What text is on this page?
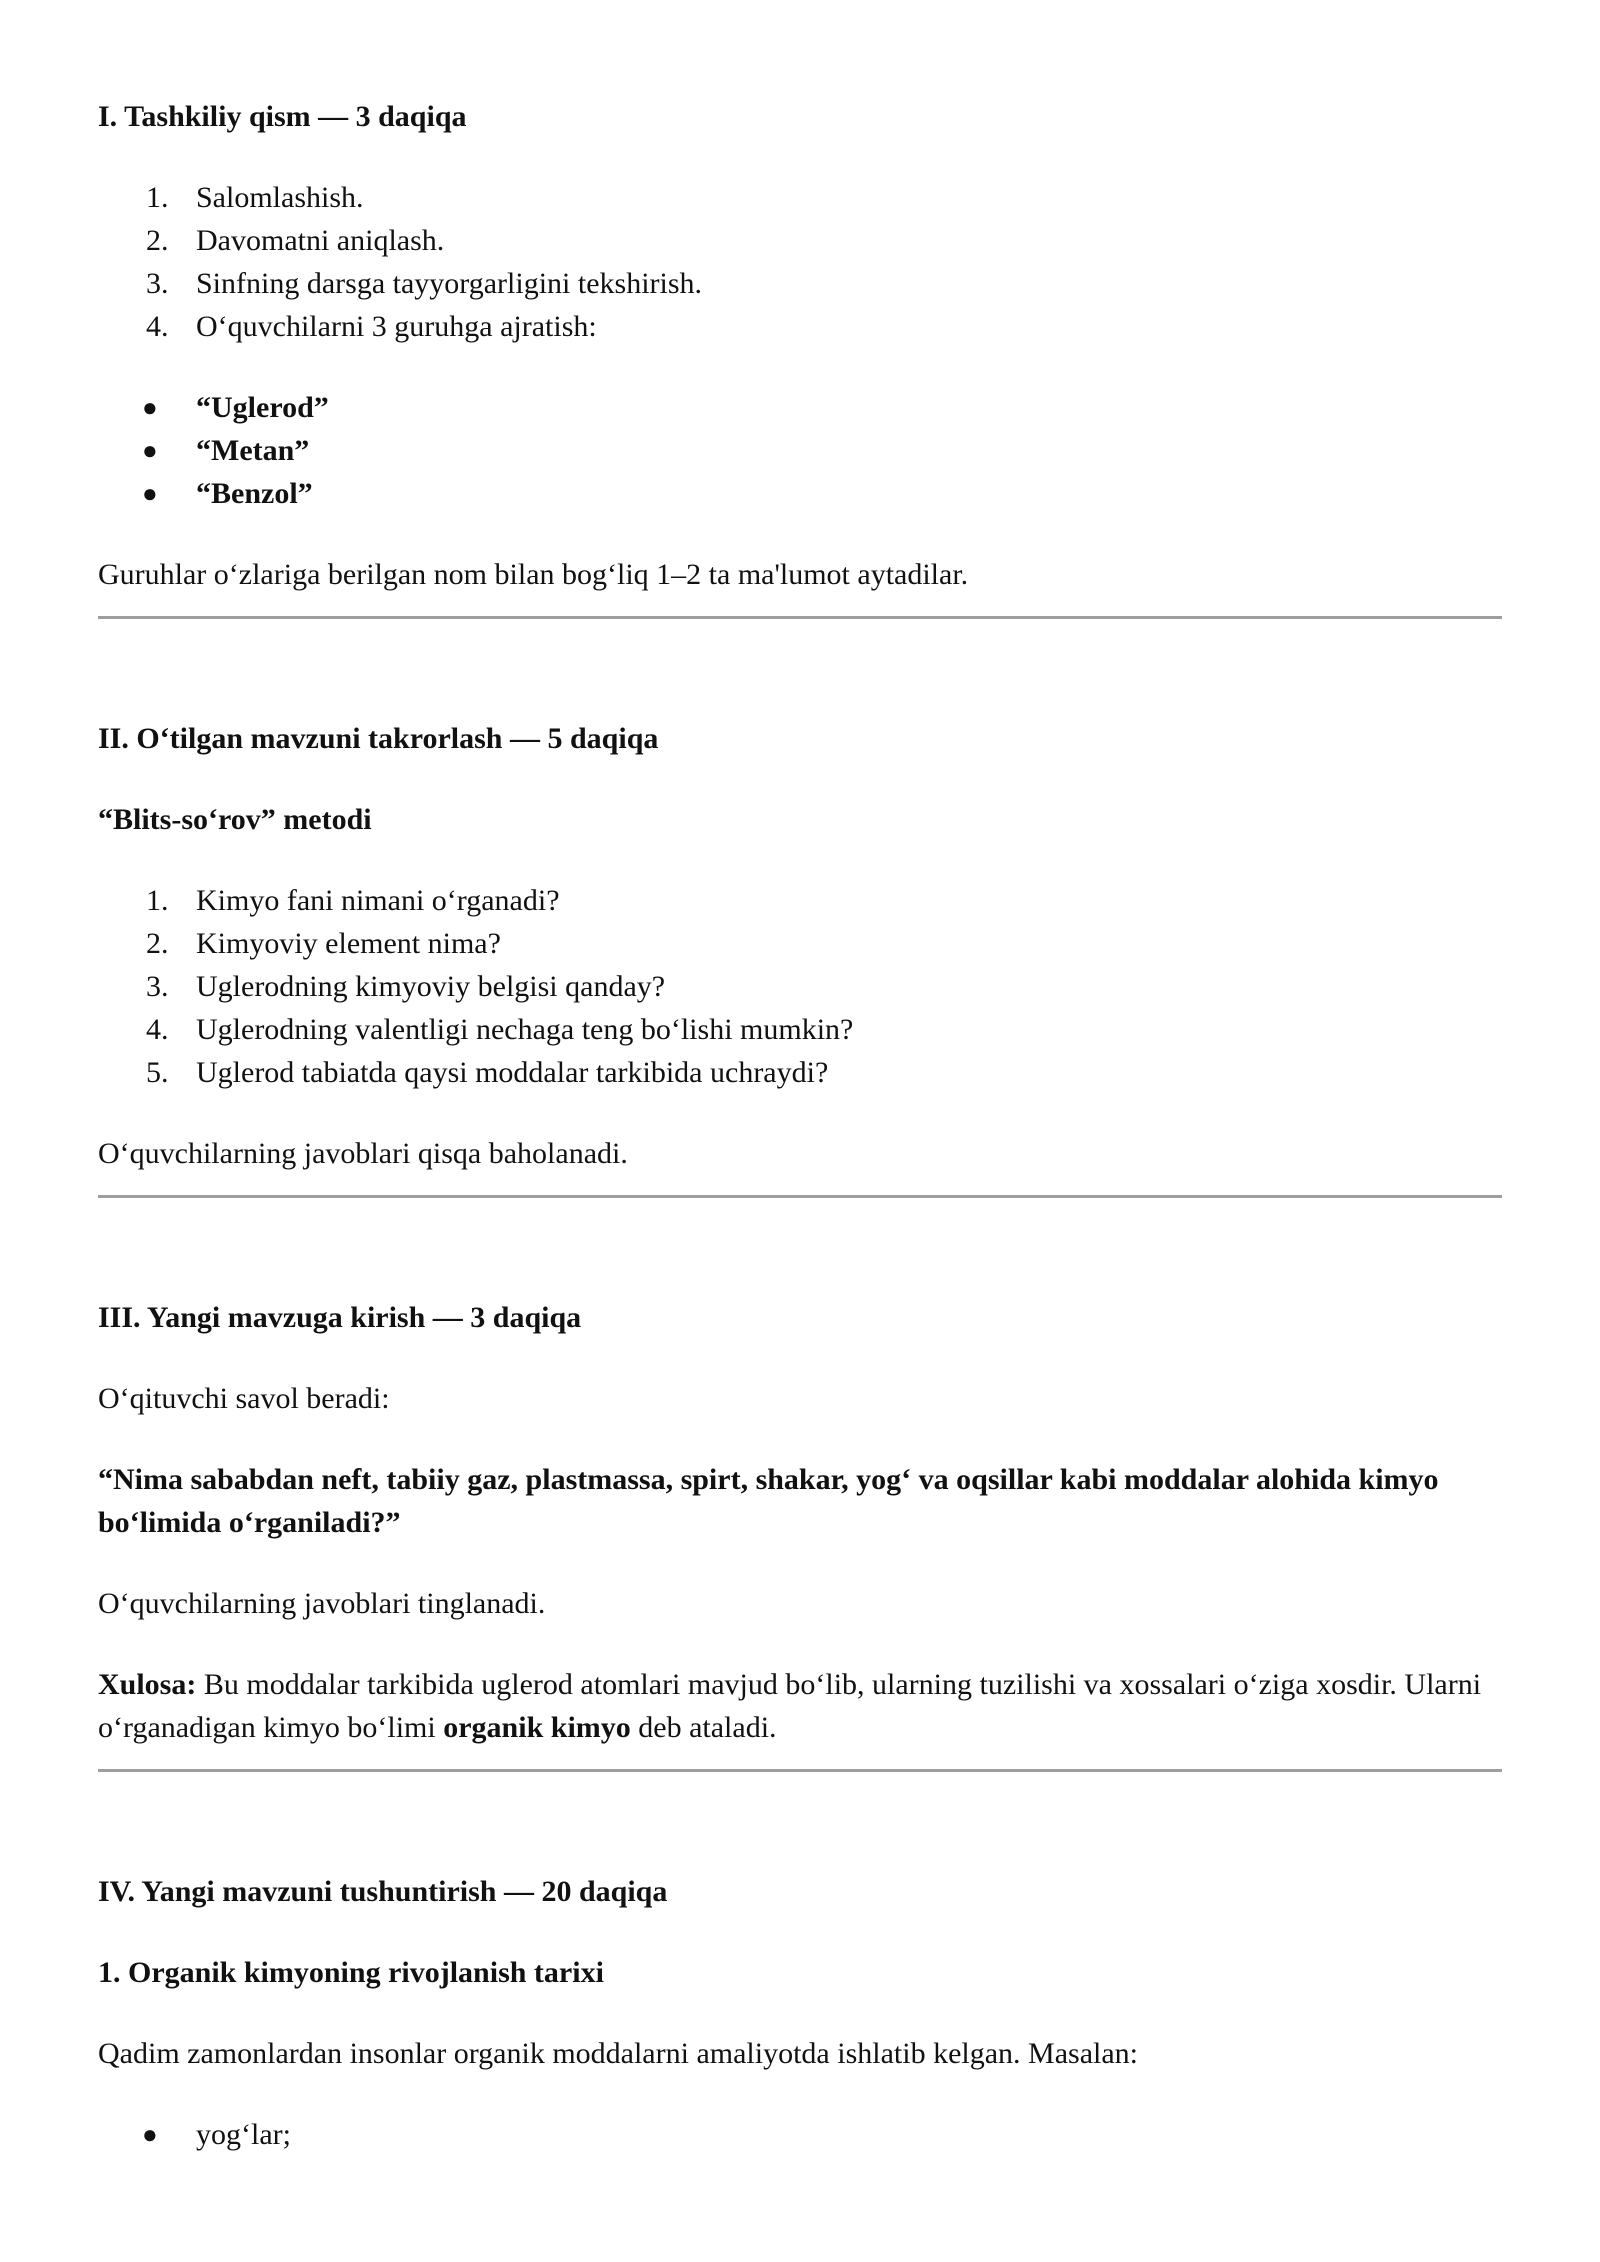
I. Tashkiliy qism — 3 daqiqa
1. Salomlashish.
2. Davomatni aniqlash.
3. Sinfning darsga tayyorgarligini tekshirish.
4. O‘quvchilarni 3 guruhga ajratish:
● “Uglerod”
● “Metan”
● “Benzol”

Guruhlar o‘zlariga berilgan nom bilan bog‘liq 1–2 ta ma'lumot aytadilar.

II. O‘tilgan mavzuni takrorlash — 5 daqiqa
“Blits-so‘rov” metodi
1. Kimyo fani nimani o‘rganadi?
2. Kimyoviy element nima?
3. Uglerodning kimyoviy belgisi qanday?
4. Uglerodning valentligi nechaga teng bo‘lishi mumkin?
5. Uglerod tabiatda qaysi moddalar tarkibida uchraydi?

O‘quvchilarning javoblari qisqa baholanadi.

III. Yangi mavzuga kirish — 3 daqiqa

O‘qituvchi savol beradi:

“Nima sababdan neft, tabiiy gaz, plastmassa, spirt, shakar, yog‘ va oqsillar kabi moddalar alohida kimyo bo‘limida o‘rganiladi?”

O‘quvchilarning javoblari tinglanadi.

Xulosa: Bu moddalar tarkibida uglerod atomlari mavjud bo‘lib, ularning tuzilishi va xossalari o‘ziga xosdir. Ularni o‘rganadigan kimyo bo‘limi organik kimyo deb ataladi.

IV. Yangi mavzuni tushuntirish — 20 daqiqa
1. Organik kimyoning rivojlanish tarixi

Qadim zamonlardan insonlar organik moddalarni amaliyotda ishlatib kelgan. Masalan:

● yog‘lar;
